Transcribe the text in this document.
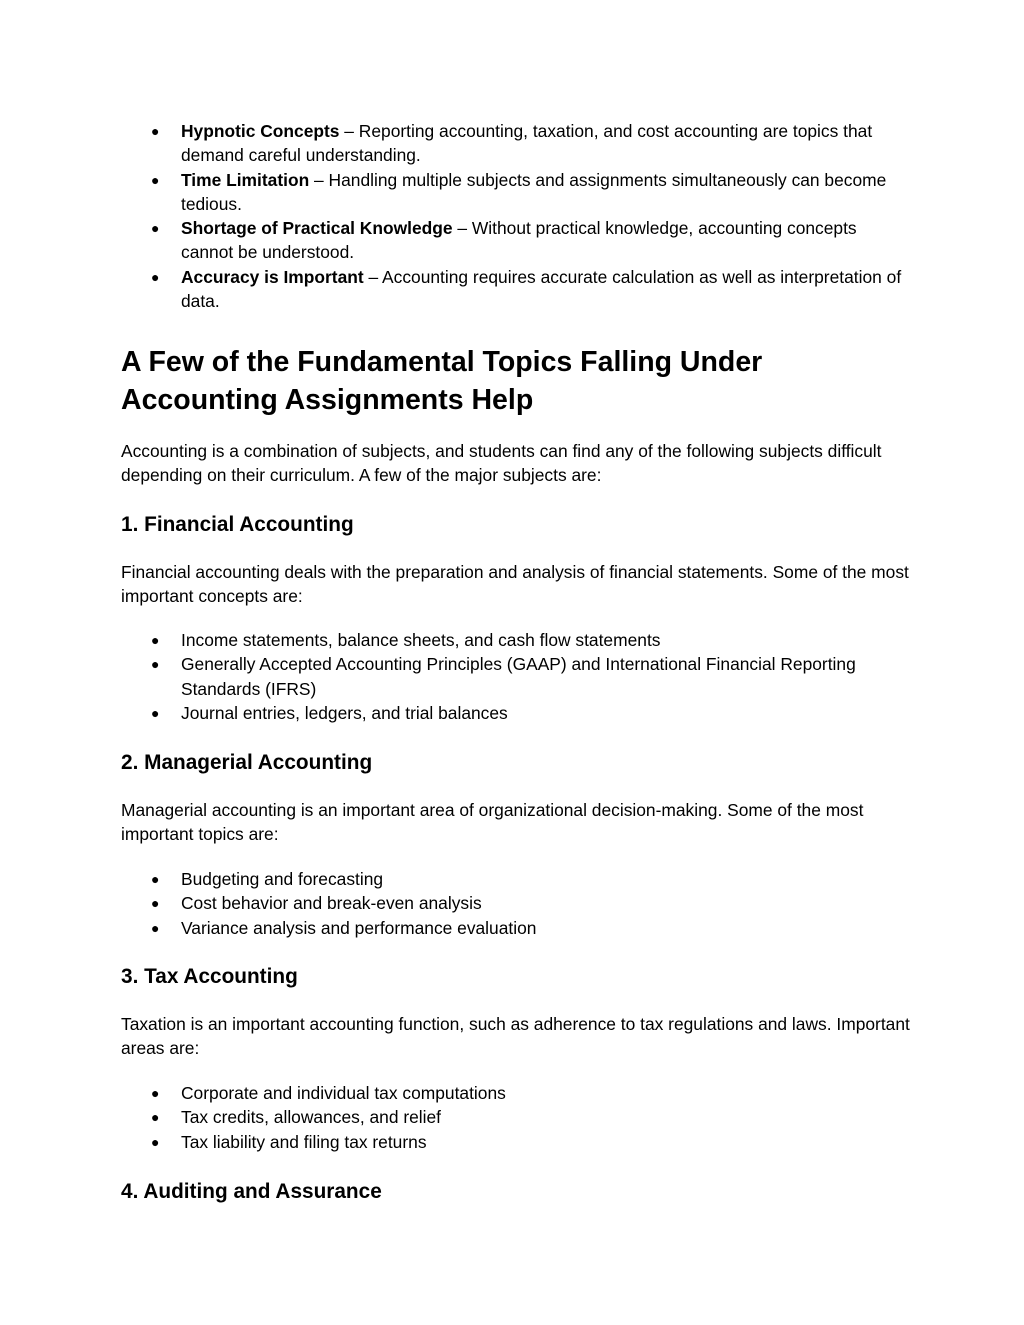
● Hypnotic Concepts – Reporting accounting, taxation, and cost accounting are topics that demand careful understanding.
● Time Limitation – Handling multiple subjects and assignments simultaneously can become tedious.
● Shortage of Practical Knowledge – Without practical knowledge, accounting concepts cannot be understood.
● Accuracy is Important – Accounting requires accurate calculation as well as interpretation of data.
A Few of the Fundamental Topics Falling Under Accounting Assignments Help

Accounting is a combination of subjects, and students can find any of the following subjects difficult depending on their curriculum. A few of the major subjects are:

1. Financial Accounting

Financial accounting deals with the preparation and analysis of financial statements. Some of the most important concepts are:

● Income statements, balance sheets, and cash flow statements
● Generally Accepted Accounting Principles (GAAP) and International Financial Reporting Standards (IFRS)
● Journal entries, ledgers, and trial balances
2. Managerial Accounting

Managerial accounting is an important area of organizational decision-making. Some of the most important topics are:

● Budgeting and forecasting
● Cost behavior and break-even analysis
● Variance analysis and performance evaluation
3. Tax Accounting

Taxation is an important accounting function, such as adherence to tax regulations and laws. Important areas are:

● Corporate and individual tax computations
● Tax credits, allowances, and relief
● Tax liability and filing tax returns
4. Auditing and Assurance
